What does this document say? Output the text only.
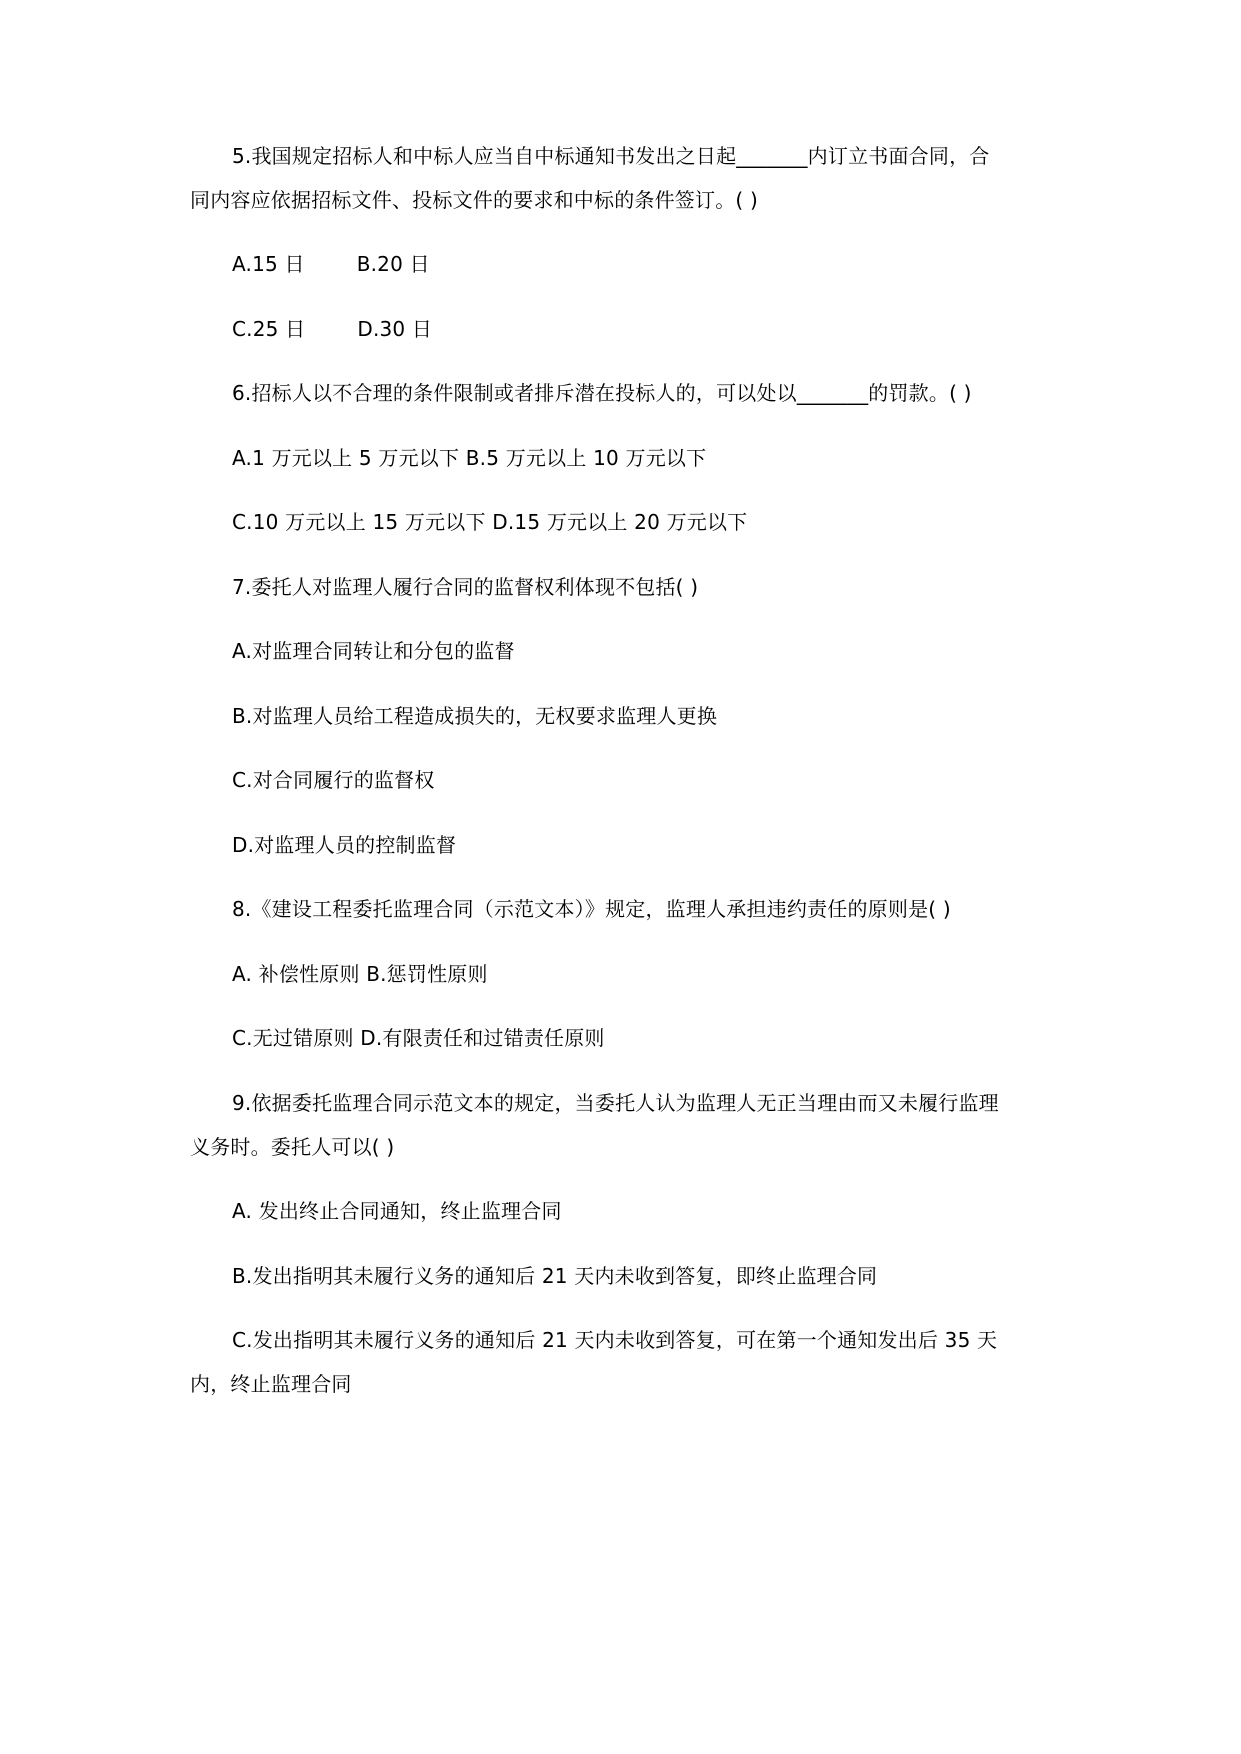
5.我国规定招标人和中标人应当自中标通知书发出之日起_______内订立书面合同，合
同内容应依据招标文件、投标文件的要求和中标的条件签订。( )
A.15 日	B.20 日
C.25 日	D.30 日
6.招标人以不合理的条件限制或者排斥潜在投标人的，可以处以_______的罚款。( )
A.1 万元以上 5 万元以下 B.5 万元以上 10 万元以下
C.10 万元以上 15 万元以下 D.15 万元以上 20 万元以下
7.委托人对监理人履行合同的监督权利体现不包括( )
A.对监理合同转让和分包的监督
B.对监理人员给工程造成损失的，无权要求监理人更换
C.对合同履行的监督权
D.对监理人员的控制监督
8.《建设工程委托监理合同（示范文本）》规定，监理人承担违约责任的原则是( )
A. 补偿性原则 B.惩罚性原则
C.无过错原则 D.有限责任和过错责任原则
9.依据委托监理合同示范文本的规定，当委托人认为监理人无正当理由而又未履行监理
义务时。委托人可以( )
A. 发出终止合同通知，终止监理合同
B.发出指明其未履行义务的通知后 21 天内未收到答复，即终止监理合同
C.发出指明其未履行义务的通知后 21 天内未收到答复，可在第一个通知发出后 35 天
内，终止监理合同
